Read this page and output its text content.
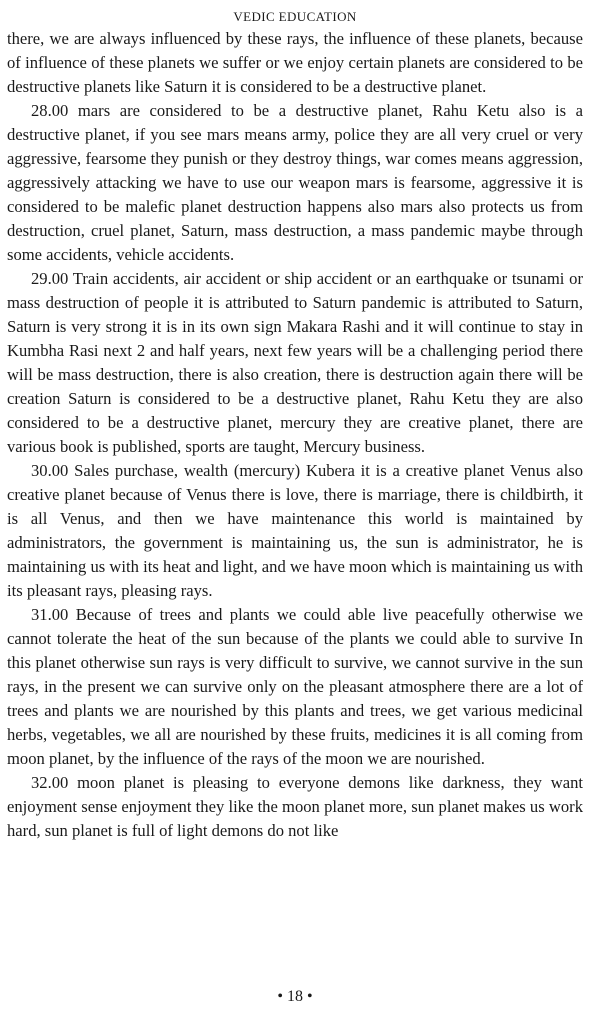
VEDIC EDUCATION

there, we are always influenced by these rays, the influence of these planets, because of influence of these planets we suffer or we enjoy certain planets are considered to be destructive planets like Saturn it is considered to be a destructive planet.

28.00 mars are considered to be a destructive planet, Rahu Ketu also is a destructive planet, if you see mars means army, police they are all very cruel or very aggressive, fearsome they punish or they destroy things, war comes means aggression, aggressively attacking we have to use our weapon mars is fearsome, aggressive it is considered to be malefic planet destruction happens also mars also protects us from destruction, cruel planet, Saturn, mass destruction, a mass pandemic maybe through some accidents, vehicle accidents.

29.00 Train accidents, air accident or ship accident or an earthquake or tsunami or mass destruction of people it is attributed to Saturn pandemic is attributed to Saturn, Saturn is very strong it is in its own sign Makara Rashi and it will continue to stay in Kumbha Rasi next 2 and half years, next few years will be a challenging period there will be mass destruction, there is also creation, there is destruction again there will be creation Saturn is considered to be a destructive planet, Rahu Ketu they are also considered to be a destructive planet, mercury they are creative planet, there are various book is published, sports are taught, Mercury business.

30.00 Sales purchase, wealth (mercury) Kubera it is a creative planet Venus also creative planet because of Venus there is love, there is marriage, there is childbirth, it is all Venus, and then we have maintenance this world is maintained by administrators, the government is maintaining us, the sun is administrator, he is maintaining us with its heat and light, and we have moon which is maintaining us with its pleasant rays, pleasing rays.

31.00 Because of trees and plants we could able live peacefully otherwise we cannot tolerate the heat of the sun because of the plants we could able to survive In this planet otherwise sun rays is very difficult to survive, we cannot survive in the sun rays, in the present we can survive only on the pleasant atmosphere there are a lot of trees and plants we are nourished by this plants and trees, we get various medicinal herbs, vegetables, we all are nourished by these fruits, medicines it is all coming from moon planet, by the influence of the rays of the moon we are nourished.

32.00 moon planet is pleasing to everyone demons like darkness, they want enjoyment sense enjoyment they like the moon planet more, sun planet makes us work hard, sun planet is full of light demons do not like

• 18 •
